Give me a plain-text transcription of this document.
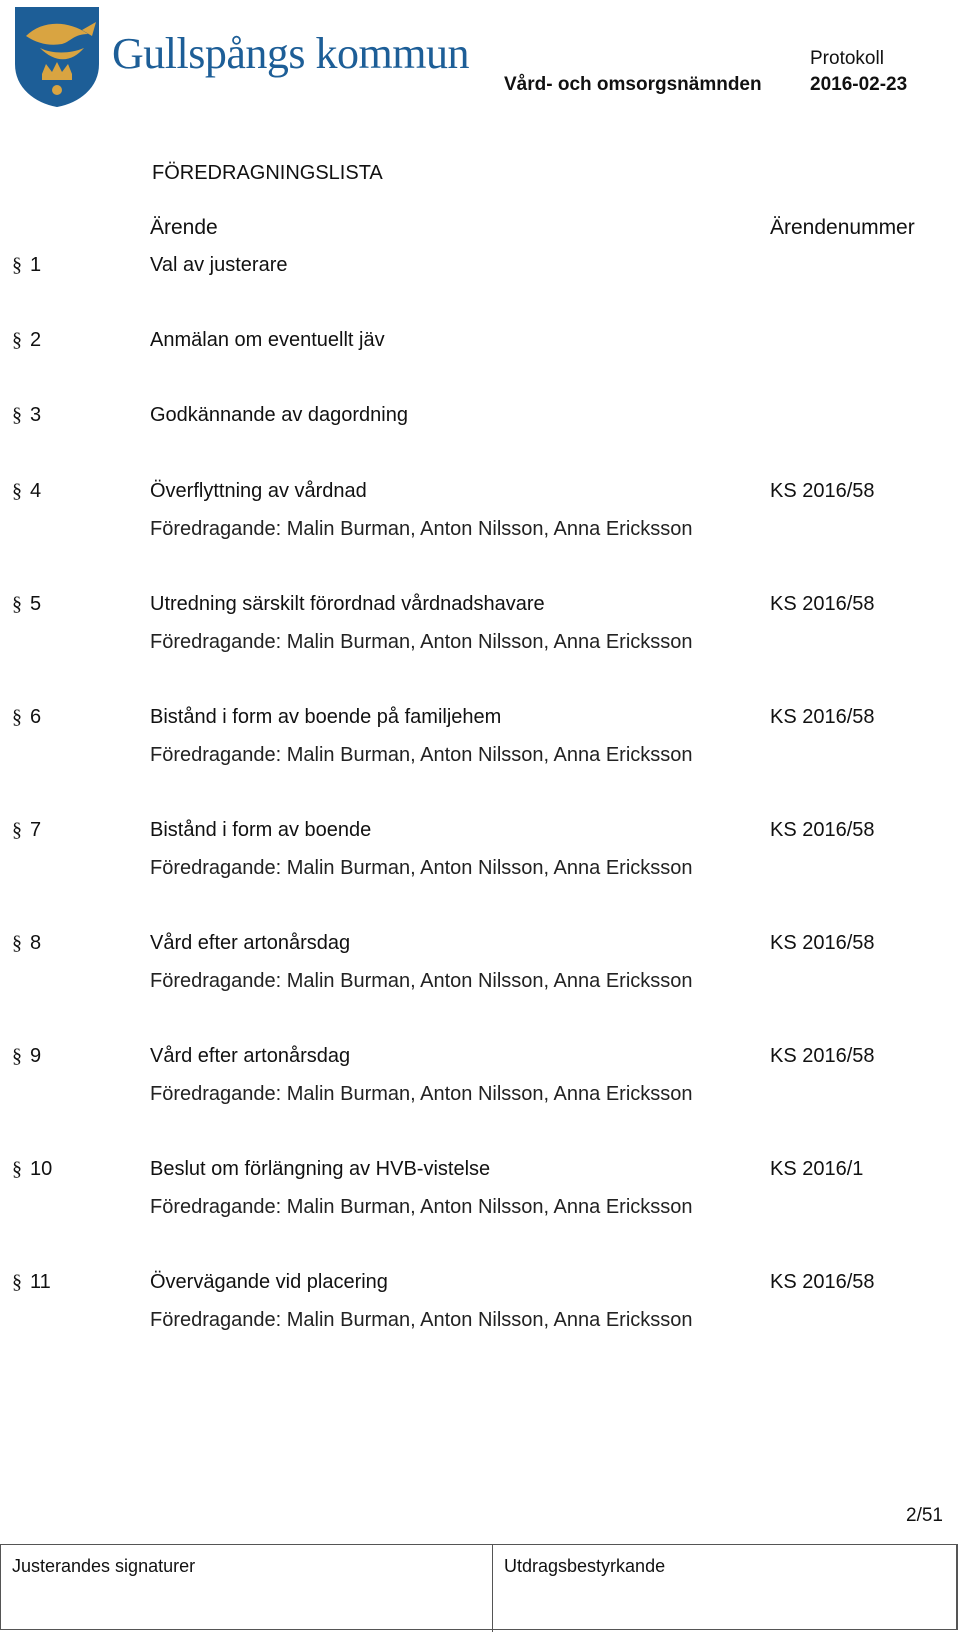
Gullspångs kommun	Protokoll
Vård- och omsorgsnämnden	2016-02-23
FÖREDRAGNINGSLISTA
Ärende	Ärendenummer
§ 1	Val av justerare
§ 2	Anmälan om eventuellt jäv
§ 3	Godkännande av dagordning
§ 4	Överflyttning av vårdnad	KS 2016/58
Föredragande: Malin Burman, Anton Nilsson, Anna Ericksson
§ 5	Utredning särskilt förordnad vårdnadshavare	KS 2016/58
Föredragande: Malin Burman, Anton Nilsson, Anna Ericksson
§ 6	Bistånd i form av boende på familjehem	KS 2016/58
Föredragande: Malin Burman, Anton Nilsson, Anna Ericksson
§ 7	Bistånd i form av boende	KS 2016/58
Föredragande: Malin Burman, Anton Nilsson, Anna Ericksson
§ 8	Vård efter artonårsdag	KS 2016/58
Föredragande: Malin Burman, Anton Nilsson, Anna Ericksson
§ 9	Vård efter artonårsdag	KS 2016/58
Föredragande: Malin Burman, Anton Nilsson, Anna Ericksson
§ 10	Beslut om förlängning av HVB-vistelse	KS 2016/1
Föredragande: Malin Burman, Anton Nilsson, Anna Ericksson
§ 11	Övervägande vid placering	KS 2016/58
Föredragande: Malin Burman, Anton Nilsson, Anna Ericksson
2/51
Justerandes signaturer	Utdragsbestyrkande
